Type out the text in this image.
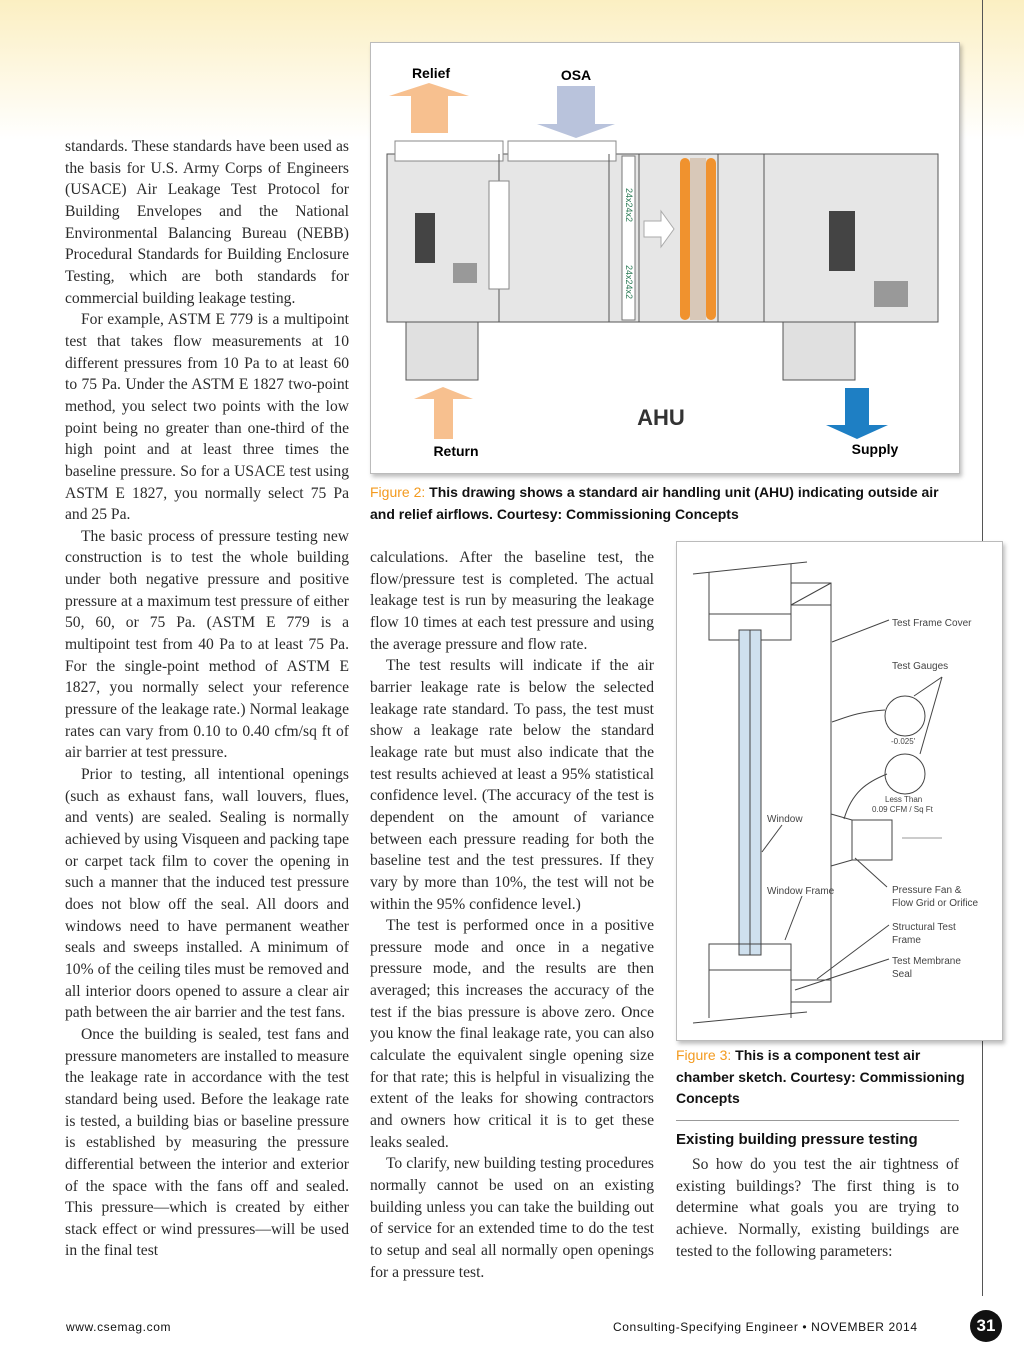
standards. These standards have been used as the basis for U.S. Army Corps of Engineers (USACE) Air Leakage Test Protocol for Building Envelopes and the National Environmental Balancing Bureau (NEBB) Procedural Standards for Building Enclosure Testing, which are both standards for commercial building leakage testing.

For example, ASTM E 779 is a multipoint test that takes flow measurements at 10 different pressures from 10 Pa to at least 60 to 75 Pa. Under the ASTM E 1827 two-point method, you select two points with the low point being no greater than one-third of the high point and at least three times the baseline pressure. So for a USACE test using ASTM E 1827, you normally select 75 Pa and 25 Pa.

The basic process of pressure testing new construction is to test the whole building under both negative pressure and positive pressure at a maximum test pressure of either 50, 60, or 75 Pa. (ASTM E 779 is a multipoint test from 40 Pa to at least 75 Pa. For the single-point method of ASTM E 1827, you normally select your reference pressure of the leakage rate.) Normal leakage rates can vary from 0.10 to 0.40 cfm/sq ft of air barrier at test pressure.

Prior to testing, all intentional openings (such as exhaust fans, wall louvers, flues, and vents) are sealed. Sealing is normally achieved by using Visqueen and packing tape or carpet tack film to cover the opening in such a manner that the induced test pressure does not blow off the seal. All doors and windows need to have permanent weather seals and sweeps installed. A minimum of 10% of the ceiling tiles must be removed and all interior doors opened to assure a clear air path between the air barrier and the test fans.

Once the building is sealed, test fans and pressure manometers are installed to measure the leakage rate in accordance with the test standard being used. Before the leakage rate is tested, a building bias or baseline pressure is established by measuring the pressure differential between the interior and exterior of the space with the fans off and sealed. This pressure—which is created by either stack effect or wind pressures—will be used in the final test

Relief	OSA
24x24x2
24x24x2
AHU
Return	Supply
Figure 2: This drawing shows a standard air handling unit (AHU) indicating outside air and relief airflows. Courtesy: Commissioning Concepts

calculations. After the baseline test, the flow/pressure test is completed. The actual leakage test is run by measuring the leakage flow 10 times at each test pressure and using the average pressure and flow rate.

The test results will indicate if the air barrier leakage rate is below the selected leakage rate standard. To pass, the test must show a leakage rate below the standard leakage rate but must also indicate that the test results achieved at least a 95% statistical confidence level. (The accuracy of the test is dependent on the amount of variance between each pressure reading for both the baseline test and the test pressures. If they vary by more than 10%, the test will not be within the 95% confidence level.)

The test is performed once in a positive pressure mode and once in a negative pressure mode, and the results are then averaged; this increases the accuracy of the test if the bias pressure is above zero. Once you know the final leakage rate, you can also calculate the equivalent single opening size for that rate; this is helpful in visualizing the extent of the leaks for showing contractors and owners how critical it is to get these leaks sealed.

To clarify, new building testing procedures normally cannot be used on an existing building unless you can take the building out of service for an extended time to do the test to setup and seal all normally open openings for a pressure test.

Test Frame Cover
Test Gauges
-0.025'
Less Than
0.09 CFM / Sq Ft
Window
Window Frame	Pressure Fan &
Flow Grid or Orifice
Structural Test
Frame
Test Membrane
Seal
Figure 3: This is a component test air chamber sketch. Courtesy: Commissioning Concepts
Existing building pressure testing

So how do you test the air tightness of existing buildings? The first thing is to determine what goals you are trying to achieve. Normally, existing buildings are tested to the following parameters:

www.csemag.com	Consulting-Specifying Engineer • NOVEMBER 2014	31
